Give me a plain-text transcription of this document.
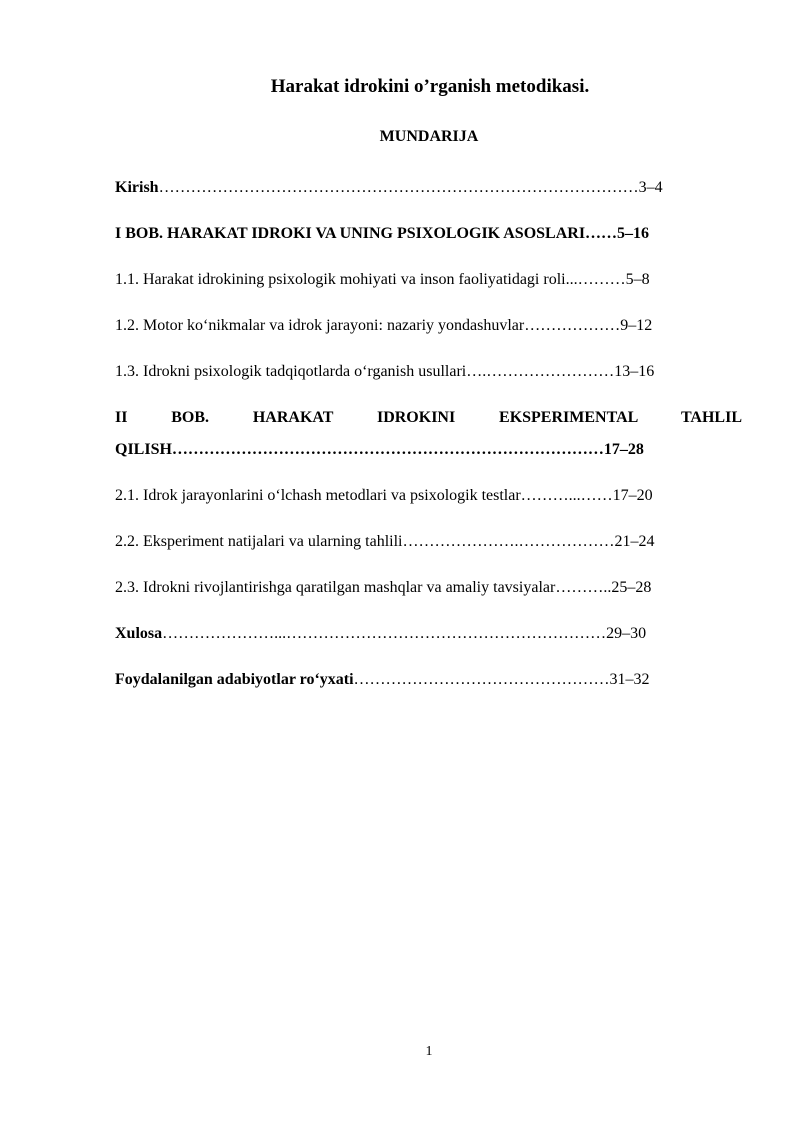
Harakat idrokini o’rganish metodikasi.
MUNDARIJA

Kirish………………………………………………………………………………3–4

I BOB. HARAKAT IDROKI VA UNING PSIXOLOGIK ASOSLARI……5–16

1.1. Harakat idrokining psixologik mohiyati va inson faoliyatidagi roli...………5–8

1.2. Motor ko‘nikmalar va idrok jarayoni: nazariy yondashuvlar………………9–12

1.3. Idrokni psixologik tadqiqotlarda o‘rganish usullari….……………………13–16

II BOB. HARAKAT IDROKINI EKSPERIMENTAL TAHLIL
QILISH………………………………………………………………………17–28

2.1. Idrok jarayonlarini o‘lchash metodlari va psixologik testlar………...……17–20

2.2. Eksperiment natijalari va ularning tahlili………………….………………21–24

2.3. Idrokni rivojlantirishga qaratilgan mashqlar va amaliy tavsiyalar………..25–28

Xulosa…………………...……………………………………………………29–30

Foydalanilgan adabiyotlar ro‘yxati…………………………………………31–32

1
